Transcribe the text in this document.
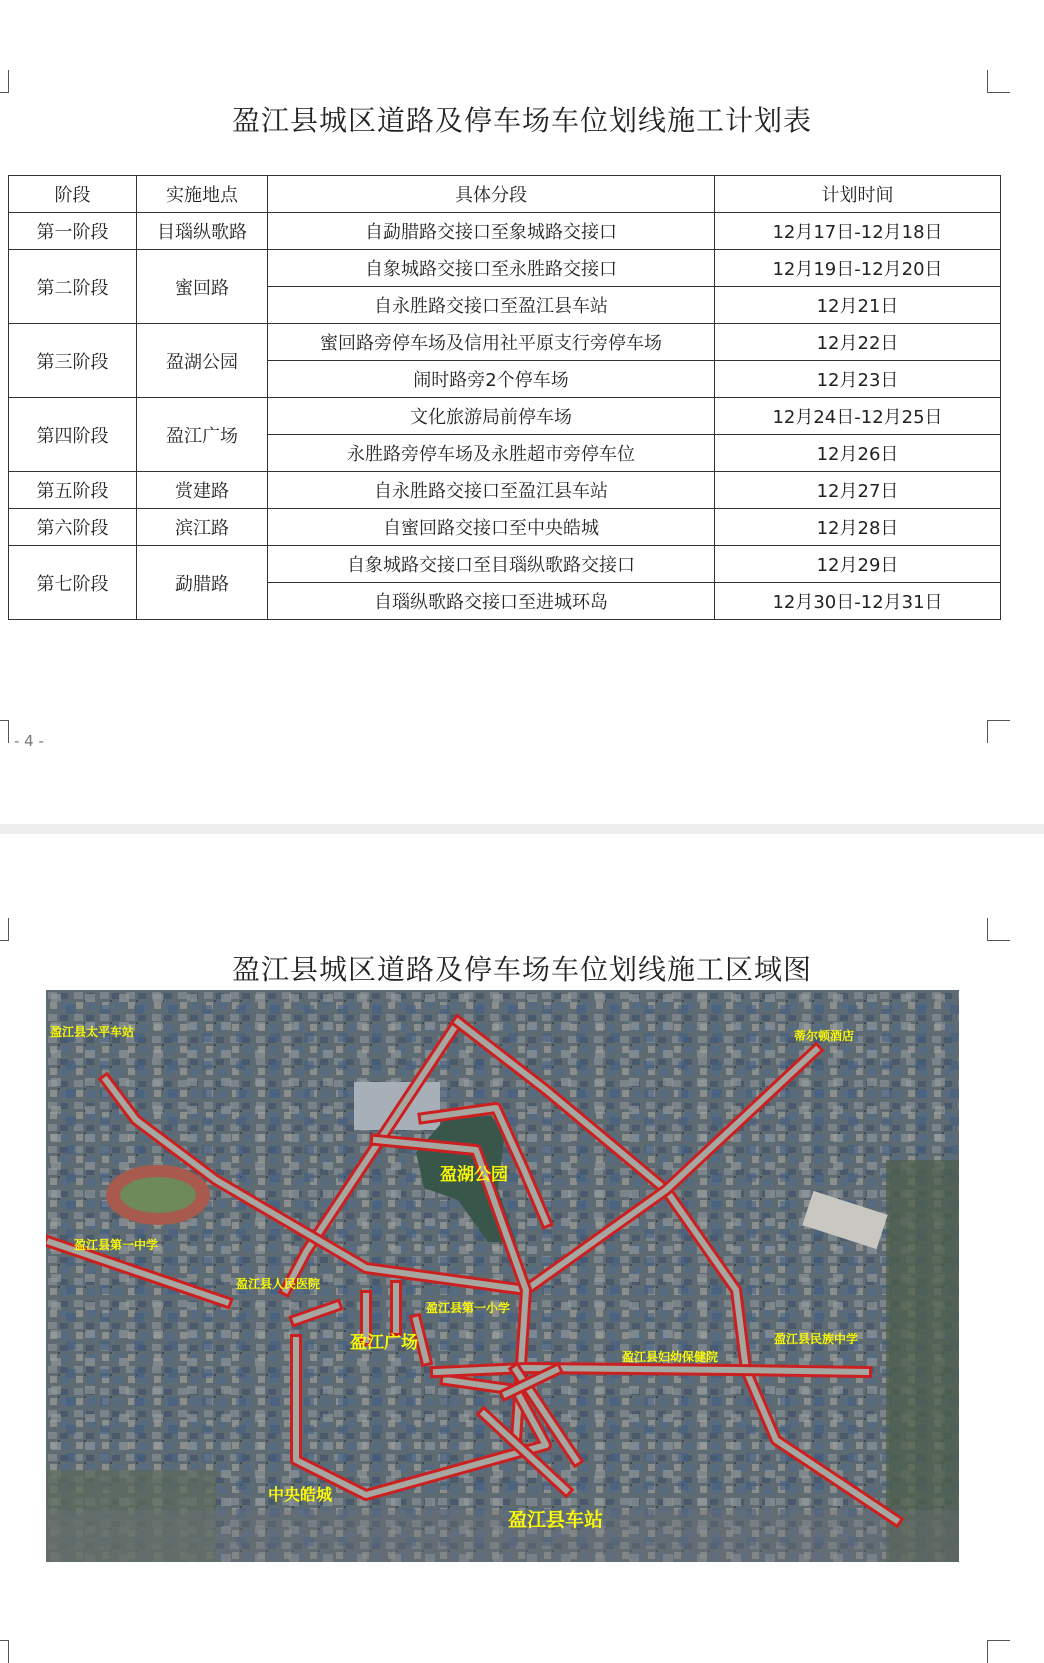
盈江县城区道路及停车场车位划线施工计划表
阶段	实施地点	具体分段	计划时间
第一阶段	目瑙纵歌路	自勐腊路交接口至象城路交接口	12月17日-12月18日
第二阶段	蜜回路	自象城路交接口至永胜路交接口	12月19日-12月20日
		自永胜路交接口至盈江县车站	12月21日
第三阶段	盈湖公园	蜜回路旁停车场及信用社平原支行旁停车场	12月22日
		闹时路旁2个停车场	12月23日
第四阶段	盈江广场	文化旅游局前停车场	12月24日-12月25日
		永胜路旁停车场及永胜超市旁停车位	12月26日
第五阶段	赏建路	自永胜路交接口至盈江县车站	12月27日
第六阶段	滨江路	自蜜回路交接口至中央皓城	12月28日
第七阶段	勐腊路	自象城路交接口至目瑙纵歌路交接口	12月29日
		自瑙纵歌路交接口至进城环岛	12月30日-12月31日
- 4 -
盈江县城区道路及停车场车位划线施工区域图
盈江县太平车站	蒂尔顿酒店
盈湖公园
盈江县第一中学
盈江县人民医院
盈江县第一小学
盈江广场	盈江县民族中学
盈江县妇幼保健院
中央皓城
盈江县车站
